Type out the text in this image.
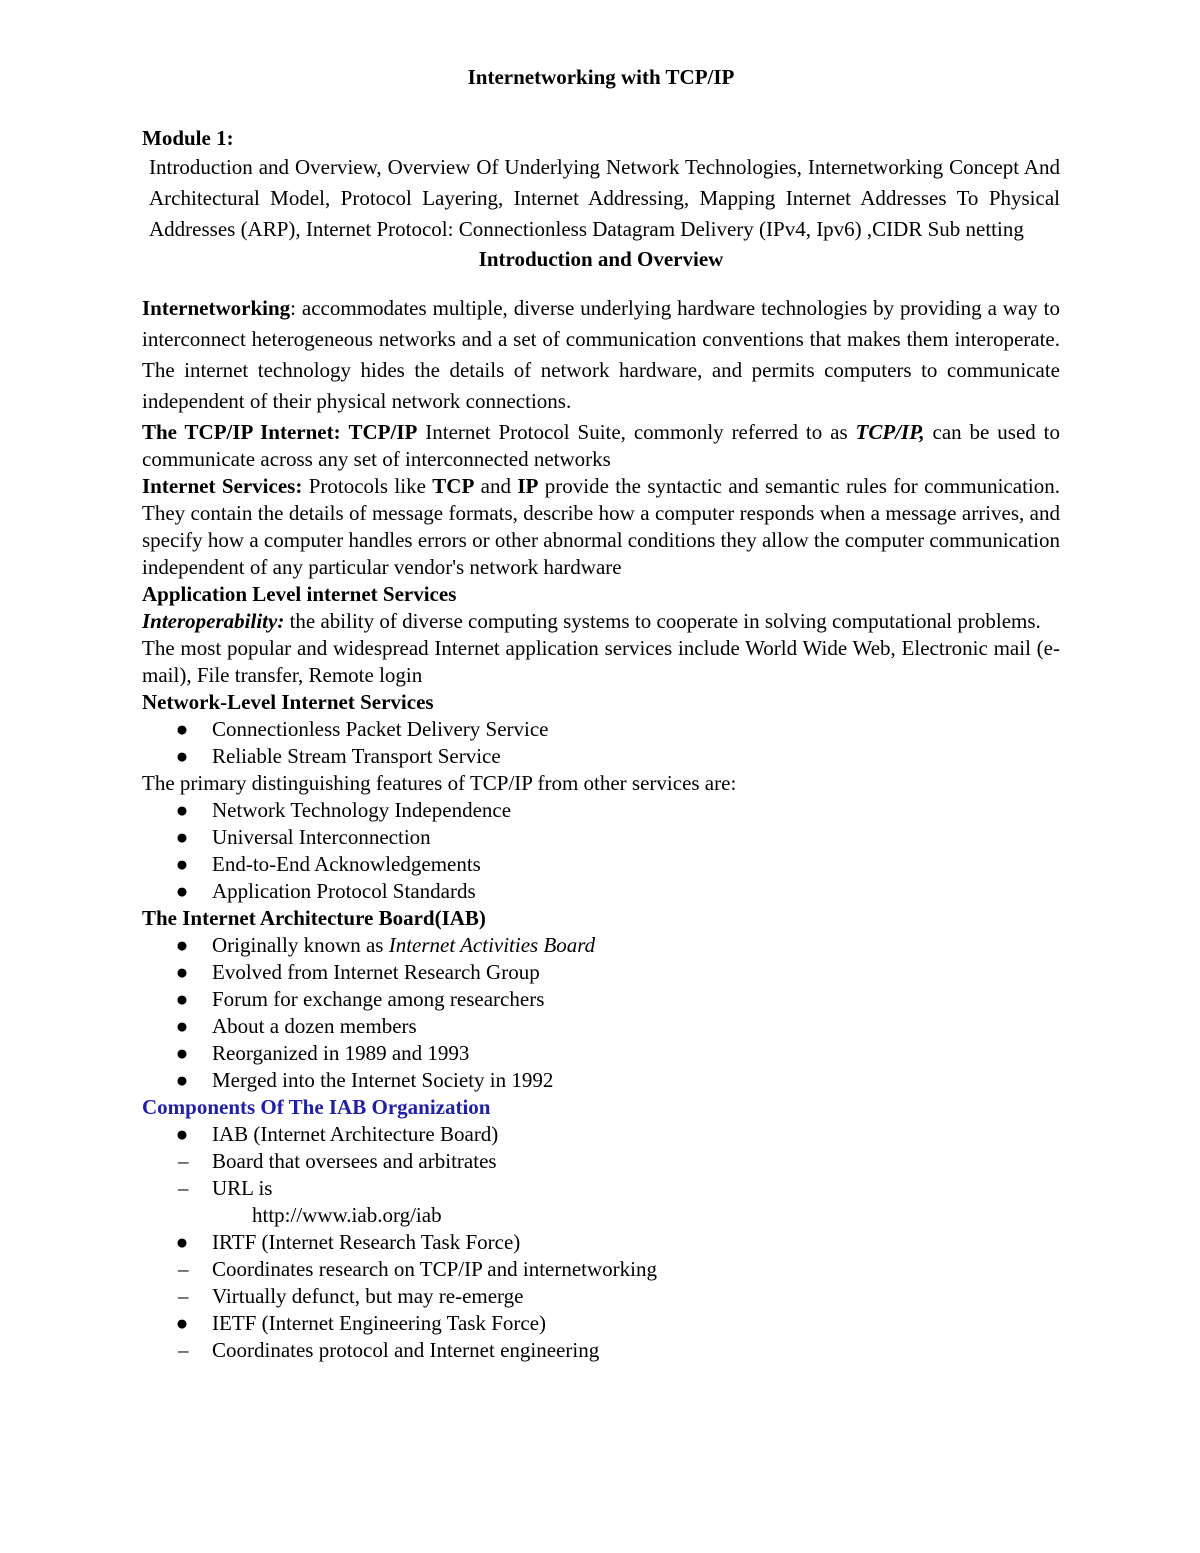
Internetworking with TCP/IP

Module 1:

Introduction and Overview, Overview Of Underlying Network Technologies, Internetworking Concept And Architectural Model, Protocol Layering, Internet Addressing, Mapping Internet Addresses To Physical Addresses (ARP), Internet Protocol: Connectionless Datagram Delivery (IPv4, Ipv6) ,CIDR Sub netting

Introduction and Overview

Internetworking: accommodates multiple, diverse underlying hardware technologies by providing a way to interconnect heterogeneous networks and a set of communication conventions that makes them interoperate. The internet technology hides the details of network hardware, and permits computers to communicate independent of their physical network connections.

The TCP/IP Internet: TCP/IP Internet Protocol Suite, commonly referred to as TCP/IP, can be used to communicate across any set of interconnected networks

Internet Services: Protocols like TCP and IP provide the syntactic and semantic rules for communication. They contain the details of message formats, describe how a computer responds when a message arrives, and specify how a computer handles errors or other abnormal conditions they allow the computer communication independent of any particular vendor's network hardware

Application Level internet Services

Interoperability: the ability of diverse computing systems to cooperate in solving computational problems.

The most popular and widespread Internet application services include World Wide Web, Electronic mail (e-mail), File transfer, Remote login

Network-Level Internet Services

● Connectionless Packet Delivery Service
● Reliable Stream Transport Service

The primary distinguishing features of TCP/IP from other services are:

● Network Technology Independence
● Universal Interconnection
● End-to-End Acknowledgements
● Application Protocol Standards

The Internet Architecture Board(IAB)

● Originally known as Internet Activities Board
● Evolved from Internet Research Group
● Forum for exchange among researchers
● About a dozen members
● Reorganized in 1989 and 1993
● Merged into the Internet Society in 1992

Components Of The IAB Organization

● IAB (Internet Architecture Board)
– Board that oversees and arbitrates
– URL is
http://www.iab.org/iab
● IRTF (Internet Research Task Force)
– Coordinates research on TCP/IP and internetworking
– Virtually defunct, but may re-emerge
● IETF (Internet Engineering Task Force)
– Coordinates protocol and Internet engineering
